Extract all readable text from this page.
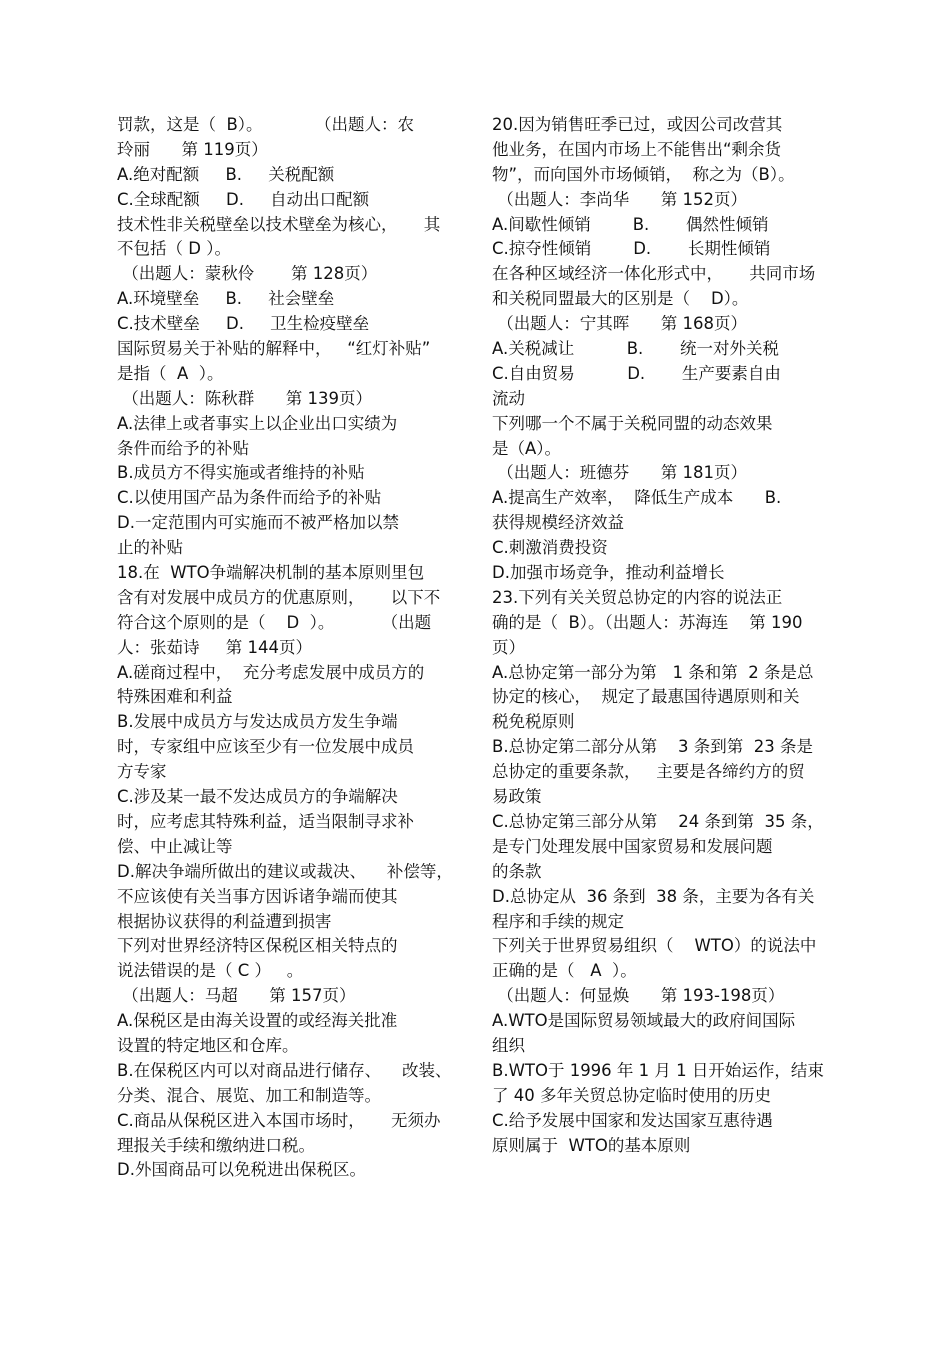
罚款，这是（  B）。          （出题人：农
玲丽      第 119页）
A.绝对配额     B.     关税配额
C.全球配额     D.     自动出口配额
技术性非关税壁垒以技术壁垒为核心，     其
不包括（ D ）。
（出题人：蒙秋伶       第 128页）
A.环境壁垒     B.     社会壁垒
C.技术壁垒     D.     卫生检疫壁垒
国际贸易关于补贴的解释中，   “红灯补贴”
是指（  A  ）。
（出题人：陈秋群      第 139页）
A.法律上或者事实上以企业出口实绩为
条件而给予的补贴
B.成员方不得实施或者维持的补贴
C.以使用国产品为条件而给予的补贴
D.一定范围内可实施而不被严格加以禁
止的补贴
18.在  WTO争端解决机制的基本原则里包
含有对发展中成员方的优惠原则，     以下不
符合这个原则的是（    D  ）。         （出题
人：张茹诗     第 144页）
A.磋商过程中，  充分考虑发展中成员方的
特殊困难和利益
B.发展中成员方与发达成员方发生争端
时，专家组中应该至少有一位发展中成员
方专家
C.涉及某一最不发达成员方的争端解决
时，应考虑其特殊利益，适当限制寻求补
偿、中止减让等
D.解决争端所做出的建议或裁决、    补偿等，
不应该使有关当事方因诉诸争端而使其
根据协议获得的利益遭到损害
下列对世界经济特区保税区相关特点的
说法错误的是（ C ）   。
（出题人：马超      第 157页）
A.保税区是由海关设置的或经海关批准
设置的特定地区和仓库。
B.在保税区内可以对商品进行储存、    改装、
分类、混合、展览、加工和制造等。
C.商品从保税区进入本国市场时，     无须办
理报关手续和缴纳进口税。
D.外国商品可以免税进出保税区。
20.因为销售旺季已过，或因公司改营其
他业务，在国内市场上不能售出“剩余货
物”，而向国外市场倾销，  称之为（B）。
（出题人：李尚华      第 152页）
A.间歇性倾销        B.       偶然性倾销
C.掠夺性倾销        D.       长期性倾销
在各种区域经济一体化形式中，     共同市场
和关税同盟最大的区别是（    D）。
（出题人：宁其晖      第 168页）
A.关税减让          B.       统一对外关税
C.自由贸易          D.       生产要素自由
流动
下列哪一个不属于关税同盟的动态效果
是（A）。
（出题人：班德芬      第 181页）
A.提高生产效率，  降低生产成本      B.
获得规模经济效益
C.刺激消费投资
D.加强市场竞争，推动利益增长
23.下列有关关贸总协定的内容的说法正
确的是（  B）。（出题人：苏海连    第 190
页）
A.总协定第一部分为第   1 条和第  2 条是总
协定的核心，  规定了最惠国待遇原则和关
税免税原则
B.总协定第二部分从第    3 条到第  23 条是
总协定的重要条款，   主要是各缔约方的贸
易政策
C.总协定第三部分从第    24 条到第  35 条，
是专门处理发展中国家贸易和发展问题
的条款
D.总协定从  36 条到  38 条，主要为各有关
程序和手续的规定
下列关于世界贸易组织（    WTO）的说法中
正确的是（   A  ）。
（出题人：何显焕      第 193-198页）
A.WTO是国际贸易领域最大的政府间国际
组织
B.WTO于 1996 年 1 月 1 日开始运作，结束
了 40 多年关贸总协定临时使用的历史
C.给予发展中国家和发达国家互惠待遇
原则属于  WTO的基本原则
